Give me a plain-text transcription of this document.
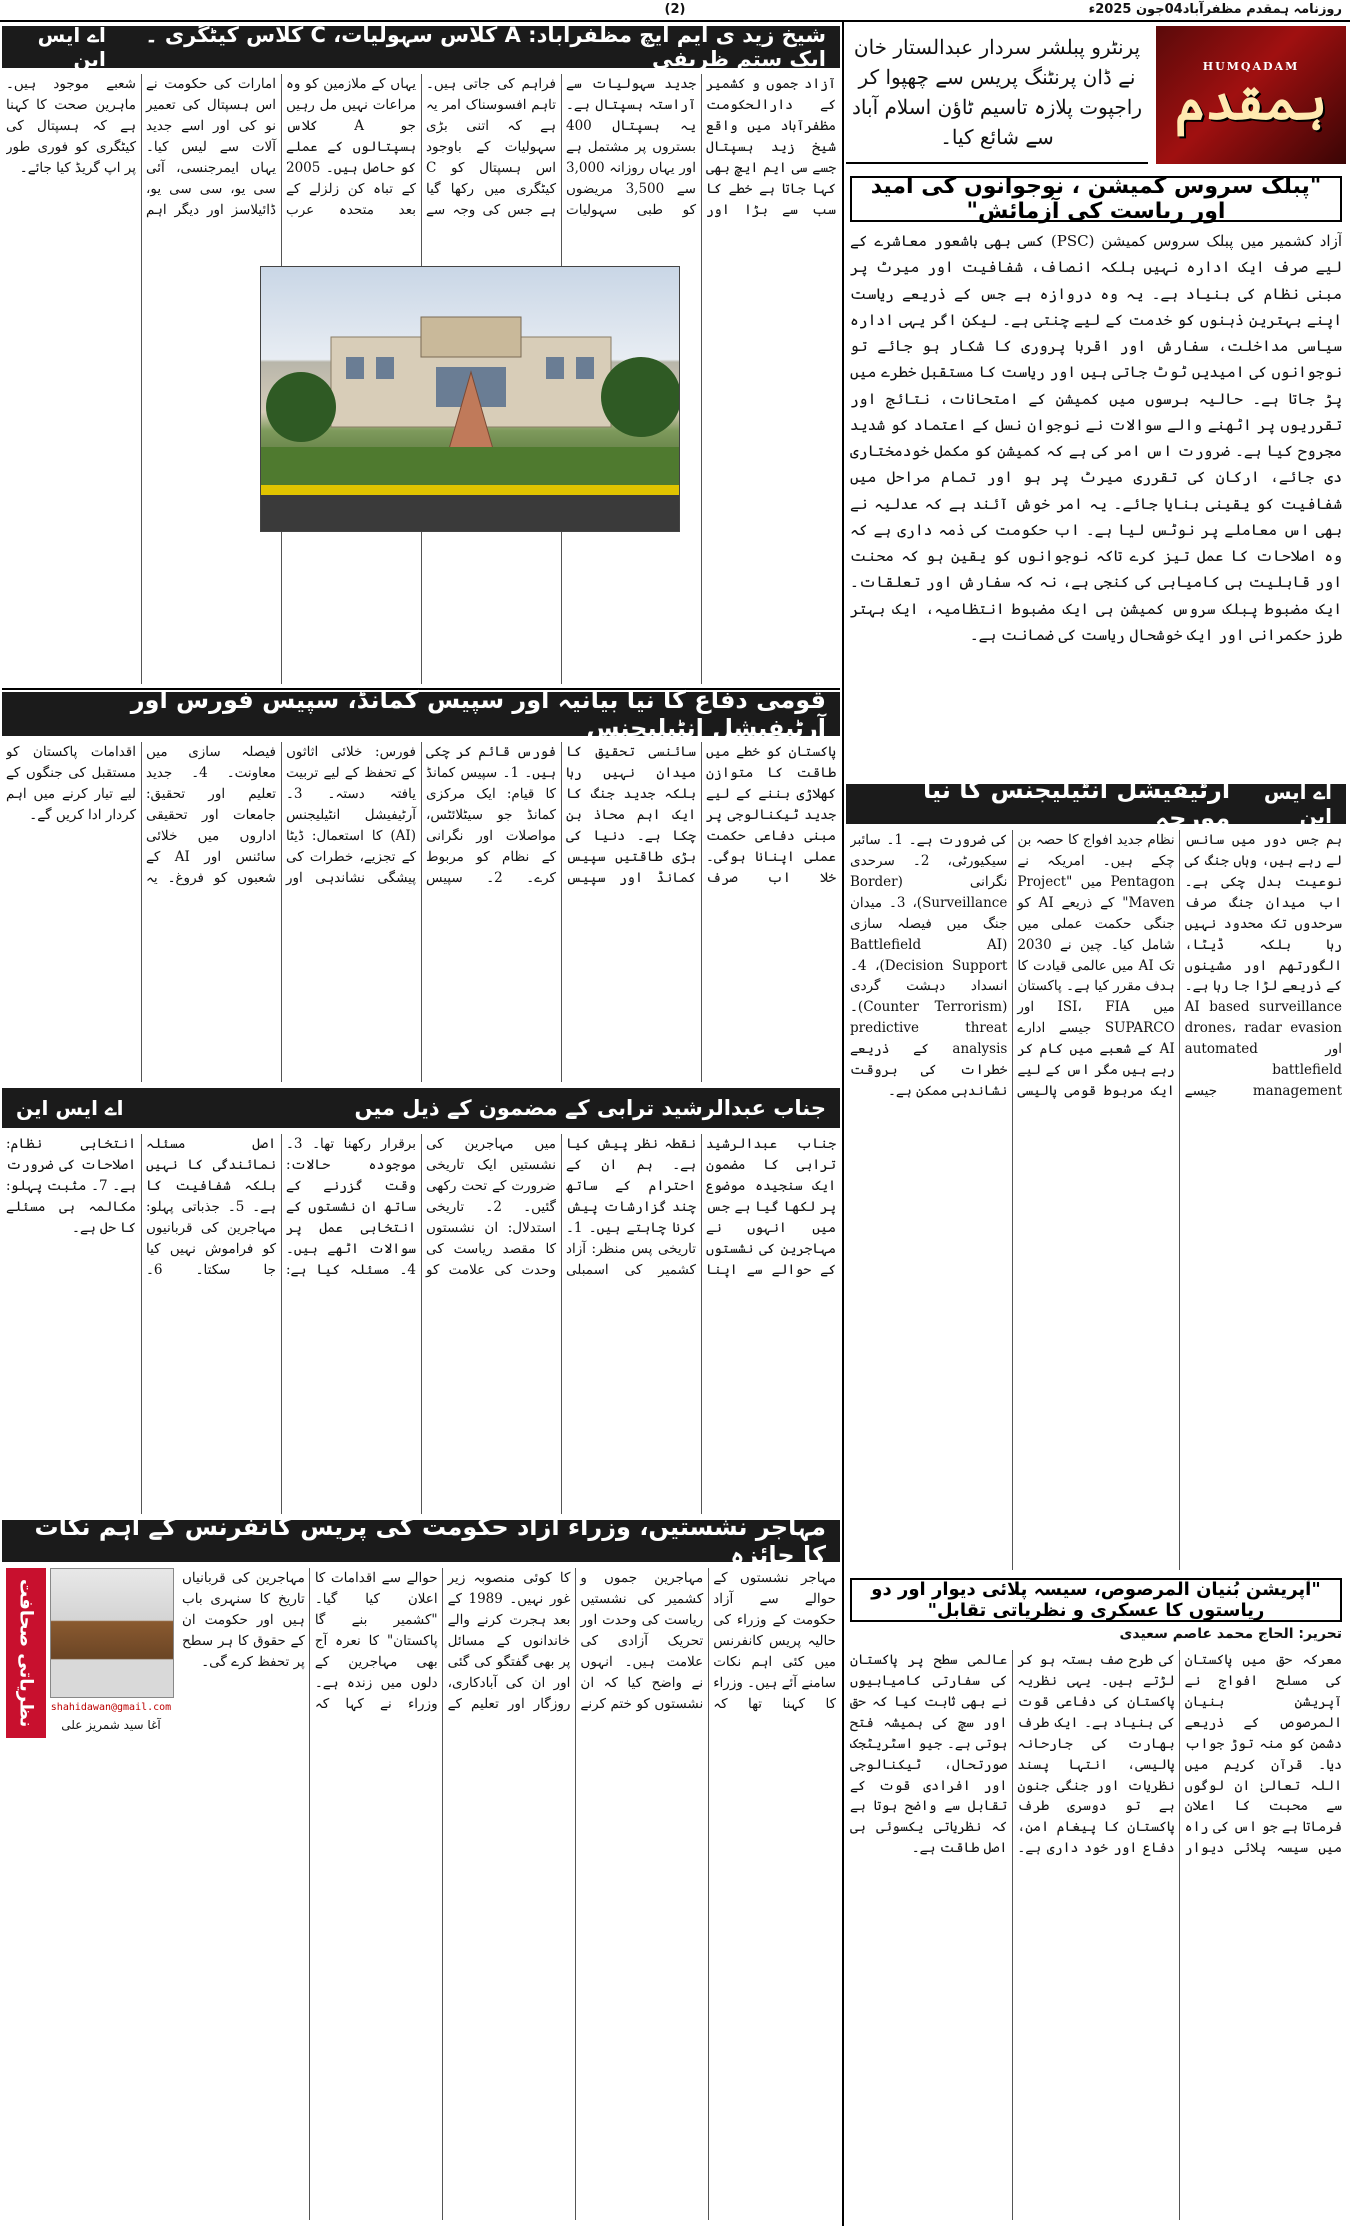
روزنامہ ہمقدم مظفرآباد04جون 2025ء
(2)
HUMQADAM
ہمقدم
پرنٹرو پبلشر سردار عبدالستار خان نے ڈان پرنٹنگ پریس سے چھپوا کر راجپوت پلازہ تاسیم ٹاؤن اسلام آباد سے شائع کیا۔
"پبلک سروس کمیشن ، نوجوانوں کی امید اور ریاست کی آزمائش"
آزاد کشمیر میں پبلک سروس کمیشن (PSC) کسی بھی باشعور معاشرے کے لیے صرف ایک ادارہ نہیں بلکہ انصاف، شفافیت اور میرٹ پر مبنی نظام کی بنیاد ہے۔ یہ وہ دروازہ ہے جس کے ذریعے ریاست اپنے بہترین ذہنوں کو خدمت کے لیے چنتی ہے۔ لیکن اگر یہی ادارہ سیاسی مداخلت، سفارش اور اقربا پروری کا شکار ہو جائے تو نوجوانوں کی امیدیں ٹوٹ جاتی ہیں اور ریاست کا مستقبل خطرے میں پڑ جاتا ہے۔ حالیہ برسوں میں کمیشن کے امتحانات، نتائج اور تقرریوں پر اٹھنے والے سوالات نے نوجوان نسل کے اعتماد کو شدید مجروح کیا ہے۔ ضرورت اس امر کی ہے کہ کمیشن کو مکمل خودمختاری دی جائے، ارکان کی تقرری میرٹ پر ہو اور تمام مراحل میں شفافیت کو یقینی بنایا جائے۔ یہ امر خوش آئند ہے کہ عدلیہ نے بھی اس معاملے پر نوٹس لیا ہے۔ اب حکومت کی ذمہ داری ہے کہ وہ اصلاحات کا عمل تیز کرے تاکہ نوجوانوں کو یقین ہو کہ محنت اور قابلیت ہی کامیابی کی کنجی ہے، نہ کہ سفارش اور تعلقات۔ ایک مضبوط پبلک سروس کمیشن ہی ایک مضبوط انتظامیہ، ایک بہتر طرز حکمرانی اور ایک خوشحال ریاست کی ضمانت ہے۔
اے ایس این
آرٹیفیشل انٹیلیجنس کا نیا مورچہ
ہم جس دور میں سانس لے رہے ہیں، وہاں جنگ کی نوعیت بدل چکی ہے۔ اب میدان جنگ صرف سرحدوں تک محدود نہیں رہا بلکہ ڈیٹا، الگورتھم اور مشینوں کے ذریعے لڑا جا رہا ہے۔ AI based surveillance drones، radar evasion اور automated battlefield management جیسے نظام جدید افواج کا حصہ بن چکے ہیں۔ امریکہ نے Pentagon میں "Project Maven" کے ذریعے AI کو جنگی حکمت عملی میں شامل کیا۔ چین نے 2030 تک AI میں عالمی قیادت کا ہدف مقرر کیا ہے۔ پاکستان میں ISI، FIA اور SUPARCO جیسے ادارے AI کے شعبے میں کام کر رہے ہیں مگر اس کے لیے ایک مربوط قومی پالیسی کی ضرورت ہے۔ 1۔ سائبر سیکیورٹی، 2۔ سرحدی نگرانی (Border Surveillance)، 3۔ میدان جنگ میں فیصلہ سازی (Battlefield AI Decision Support)، 4۔ انسداد دہشت گردی (Counter Terrorism)۔ predictive threat analysis کے ذریعے خطرات کی بروقت نشاندہی ممکن ہے۔
"آپریشن بُنیان المرصوص، سیسہ پلائی دیوار اور دو ریاستوں کا عسکری و نظریاتی تقابل"
تحریر: الحاج محمد عاصم سعیدی
معرکہ حق میں پاکستان کی مسلح افواج نے آپریشن بنیان المرصوص کے ذریعے دشمن کو منہ توڑ جواب دیا۔ قرآن کریم میں اللہ تعالیٰ ان لوگوں سے محبت کا اعلان فرماتا ہے جو اس کی راہ میں سیسہ پلائی دیوار کی طرح صف بستہ ہو کر لڑتے ہیں۔ یہی نظریہ پاکستان کی دفاعی قوت کی بنیاد ہے۔ ایک طرف بھارت کی جارحانہ پالیسی، انتہا پسند نظریات اور جنگی جنون ہے تو دوسری طرف پاکستان کا پیغام امن، دفاع اور خود داری ہے۔ عالمی سطح پر پاکستان کی سفارتی کامیابیوں نے بھی ثابت کیا کہ حق اور سچ کی ہمیشہ فتح ہوتی ہے۔ جیو اسٹریٹجک صورتحال، ٹیکنالوجی اور افرادی قوت کے تقابل سے واضح ہوتا ہے کہ نظریاتی یکسوئی ہی اصل طاقت ہے۔
شیخ زید ی ایم ایچ مظفرآباد: A کلاس سہولیات، C کلاس کیٹگری ۔ ایک ستم ظریفی
اے ایس این
آزاد جموں و کشمیر کے دارالحکومت مظفرآباد میں واقع شیخ زید ہسپتال جسے سی ایم ایچ بھی کہا جاتا ہے خطے کا سب سے بڑا اور جدید سہولیات سے آراستہ ہسپتال ہے۔ یہ ہسپتال 400 بستروں پر مشتمل ہے اور یہاں روزانہ 3,000 سے 3,500 مریضوں کو طبی سہولیات فراہم کی جاتی ہیں۔ تاہم افسوسناک امر یہ ہے کہ اتنی بڑی سہولیات کے باوجود اس ہسپتال کو C کیٹگری میں رکھا گیا ہے جس کی وجہ سے یہاں کے ملازمین کو وہ مراعات نہیں مل رہیں جو A کلاس ہسپتالوں کے عملے کو حاصل ہیں۔ 2005 کے تباہ کن زلزلے کے بعد متحدہ عرب امارات کی حکومت نے اس ہسپتال کی تعمیر نو کی اور اسے جدید آلات سے لیس کیا۔ یہاں ایمرجنسی، آئی سی یو، سی سی یو، ڈائیلاسز اور دیگر اہم شعبے موجود ہیں۔ ماہرین صحت کا کہنا ہے کہ ہسپتال کی کیٹگری کو فوری طور پر اپ گریڈ کیا جائے۔
قومی دفاع کا نیا بیانیہ اور سپیس کمانڈ، سپیس فورس اور آرٹیفیشل انٹیلیجنس
پاکستان کو خطے میں طاقت کا متوازن کھلاڑی بننے کے لیے جدید ٹیکنالوجی پر مبنی دفاعی حکمت عملی اپنانا ہوگی۔ خلا اب صرف سائنسی تحقیق کا میدان نہیں رہا بلکہ جدید جنگ کا ایک اہم محاذ بن چکا ہے۔ دنیا کی بڑی طاقتیں سپیس کمانڈ اور سپیس فورس قائم کر چکی ہیں۔ 1۔ سپیس کمانڈ کا قیام: ایک مرکزی کمانڈ جو سیٹلائٹس، مواصلات اور نگرانی کے نظام کو مربوط کرے۔ 2۔ سپیس فورس: خلائی اثاثوں کے تحفظ کے لیے تربیت یافتہ دستہ۔ 3۔ آرٹیفیشل انٹیلیجنس (AI) کا استعمال: ڈیٹا کے تجزیے، خطرات کی پیشگی نشاندہی اور فیصلہ سازی میں معاونت۔ 4۔ جدید تعلیم اور تحقیق: جامعات اور تحقیقی اداروں میں خلائی سائنس اور AI کے شعبوں کو فروغ۔ یہ اقدامات پاکستان کو مستقبل کی جنگوں کے لیے تیار کرنے میں اہم کردار ادا کریں گے۔
جناب عبدالرشید ترابی کے مضمون کے ذیل میں
اے ایس این
جناب عبدالرشید ترابی کا مضمون ایک سنجیدہ موضوع پر لکھا گیا ہے جس میں انہوں نے مہاجرین کی نشستوں کے حوالے سے اپنا نقطہ نظر پیش کیا ہے۔ ہم ان کے احترام کے ساتھ چند گزارشات پیش کرنا چاہتے ہیں۔ 1۔ تاریخی پس منظر: آزاد کشمیر کی اسمبلی میں مہاجرین کی نشستیں ایک تاریخی ضرورت کے تحت رکھی گئیں۔ 2۔ تاریخی استدلال: ان نشستوں کا مقصد ریاست کی وحدت کی علامت کو برقرار رکھنا تھا۔ 3۔ موجودہ حالات: وقت گزرنے کے ساتھ ان نشستوں کے انتخابی عمل پر سوالات اٹھے ہیں۔ 4۔ مسئلہ کیا ہے: اصل مسئلہ نمائندگی کا نہیں بلکہ شفافیت کا ہے۔ 5۔ جذباتی پہلو: مہاجرین کی قربانیوں کو فراموش نہیں کیا جا سکتا۔ 6۔ انتخابی نظام: اصلاحات کی ضرورت ہے۔ 7۔ مثبت پہلو: مکالمہ ہی مسئلے کا حل ہے۔
مہاجر نشستیں، وزراء آزاد حکومت کی پریس کانفرنس کے اہم نکات کا جائزہ
نظریاتی صحافت	shahidawan@gmail.com
آغا سید شمریز علی
مہاجر نشستوں کے حوالے سے آزاد حکومت کے وزراء کی حالیہ پریس کانفرنس میں کئی اہم نکات سامنے آئے ہیں۔ وزراء کا کہنا تھا کہ مہاجرین جموں و کشمیر کی نشستیں ریاست کی وحدت اور تحریک آزادی کی علامت ہیں۔ انہوں نے واضح کیا کہ ان نشستوں کو ختم کرنے کا کوئی منصوبہ زیر غور نہیں۔ 1989 کے بعد ہجرت کرنے والے خاندانوں کے مسائل پر بھی گفتگو کی گئی اور ان کی آبادکاری، روزگار اور تعلیم کے حوالے سے اقدامات کا اعلان کیا گیا۔ "کشمیر بنے گا پاکستان" کا نعرہ آج بھی مہاجرین کے دلوں میں زندہ ہے۔ وزراء نے کہا کہ مہاجرین کی قربانیاں تاریخ کا سنہری باب ہیں اور حکومت ان کے حقوق کا ہر سطح پر تحفظ کرے گی۔
